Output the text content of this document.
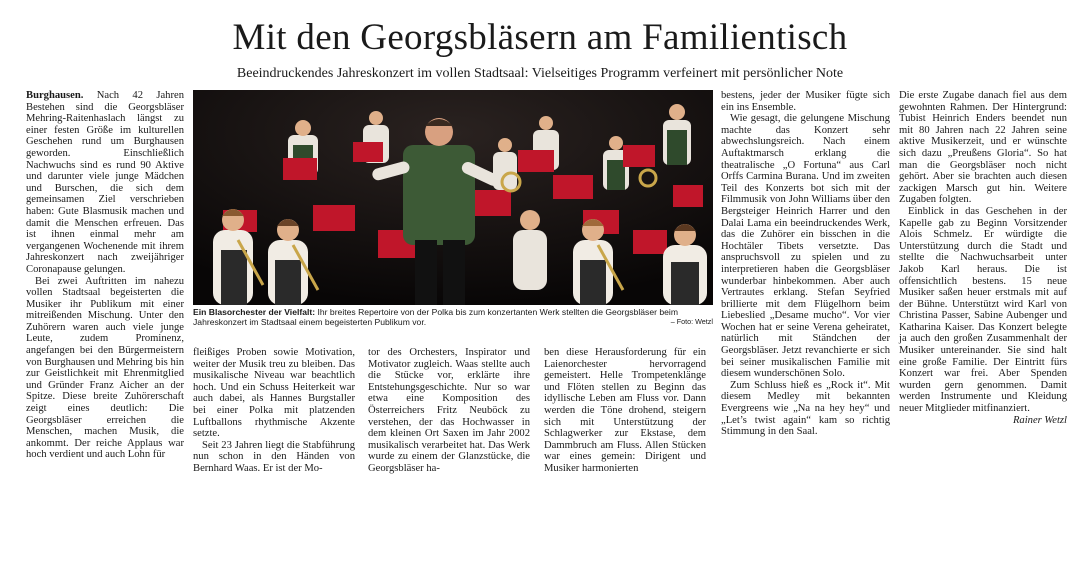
Mit den Georgsbläsern am Familientisch
Beeindruckendes Jahreskonzert im vollen Stadtsaal: Vielseitiges Programm verfeinert mit persönlicher Note

Burghausen. Nach 42 Jahren Bestehen sind die Georgsbläser Mehring-Raitenhaslach längst zu einer festen Größe im kulturellen Geschehen rund um Burghausen geworden. Einschließlich Nachwuchs sind es rund 90 Aktive und darunter viele junge Mädchen und Burschen, die sich dem gemeinsamen Ziel verschrieben haben: Gute Blasmusik machen und damit die Menschen erfreuen. Das ist ihnen einmal mehr am vergangenen Wochenende mit ihrem Jahreskonzert nach zweijähriger Coronapause gelungen.

Bei zwei Auftritten im nahezu vollen Stadtsaal begeisterten die Musiker ihr Publikum mit einer mitreißenden Mischung. Unter den Zuhörern waren auch viele junge Leute, zudem Prominenz, angefangen bei den Bürgermeistern von Burghausen und Mehring bis hin zur Geistlichkeit mit Ehrenmitglied und Gründer Franz Aicher an der Spitze. Diese breite Zuhörerschaft zeigt eines deutlich: Die Georgsbläser erreichen die Menschen, machen Musik, die ankommt. Der reiche Applaus war hoch verdient und auch Lohn für

Ein Blasorchester der Vielfalt: Ihr breites Repertoire von der Polka bis zum konzertanten Werk stellten die Georgsbläser beim Jahreskonzert im Stadtsaal einem begeisterten Publikum vor.	– Foto: Wetzl

fleißiges Proben sowie Motivation, weiter der Musik treu zu bleiben. Das musikalische Niveau war beachtlich hoch. Und ein Schuss Heiterkeit war auch dabei, als Hannes Burgstaller bei einer Polka mit platzenden Luftballons rhythmische Akzente setzte.

Seit 23 Jahren liegt die Stabführung nun schon in den Händen von Bernhard Waas. Er ist der Mo-

tor des Orchesters, Inspirator und Motivator zugleich. Waas stellte auch die Stücke vor, erklärte ihre Entstehungsgeschichte. Nur so war etwa eine Komposition des Österreichers Fritz Neuböck zu verstehen, der das Hochwasser in dem kleinen Ort Saxen im Jahr 2002 musikalisch verarbeitet hat. Das Werk wurde zu einem der Glanzstücke, die Georgsbläser ha-

ben diese Herausforderung für ein Laienorchester hervorragend gemeistert. Helle Trompetenklänge und Flöten stellen zu Beginn das idyllische Leben am Fluss vor. Dann werden die Töne drohend, steigern sich mit Unterstützung der Schlagwerker zur Ekstase, dem Dammbruch am Fluss. Allen Stücken war eines gemein: Dirigent und Musiker harmonierten

bestens, jeder der Musiker fügte sich ein ins Ensemble.

Wie gesagt, die gelungene Mischung machte das Konzert sehr abwechslungsreich. Nach einem Auftaktmarsch erklang die theatralische „O Fortuna“ aus Carl Orffs Carmina Burana. Und im zweiten Teil des Konzerts bot sich mit der Filmmusik von John Williams über den Bergsteiger Heinrich Harrer und den Dalai Lama ein beeindruckendes Werk, das die Zuhörer ein bisschen in die Hochtäler Tibets versetzte. Das anspruchsvoll zu spielen und zu interpretieren haben die Georgsbläser wunderbar hinbekommen. Aber auch Vertrautes erklang. Stefan Seyfried brillierte mit dem Flügelhorn beim Liebeslied „Desame mucho“. Vor vier Wochen hat er seine Verena geheiratet, natürlich mit Ständchen der Georgsbläser. Jetzt revanchierte er sich bei seiner musikalischen Familie mit diesem wunderschönen Solo.

Zum Schluss hieß es „Rock it“. Mit diesem Medley mit bekannten Evergreens wie „Na na hey hey“ und „Let’s twist again“ kam so richtig Stimmung in den Saal.

Die erste Zugabe danach fiel aus dem gewohnten Rahmen. Der Hintergrund: Tubist Heinrich Enders beendet nun mit 80 Jahren nach 22 Jahren seine aktive Musikerzeit, und er wünschte sich dazu „Preußens Gloria“. So hat man die Georgsbläser noch nicht gehört. Aber sie brachten auch diesen zackigen Marsch gut hin. Weitere Zugaben folgten.

Einblick in das Geschehen in der Kapelle gab zu Beginn Vorsitzender Alois Schmelz. Er würdigte die Unterstützung durch die Stadt und stellte die Nachwuchsarbeit unter Jakob Karl heraus. Die ist offensichtlich bestens. 15 neue Musiker saßen heuer erstmals mit auf der Bühne. Unterstützt wird Karl von Christina Passer, Sabine Aubenger und Katharina Kaiser. Das Konzert belegte ja auch den großen Zusammenhalt der Musiker untereinander. Sie sind halt eine große Familie. Der Eintritt fürs Konzert war frei. Aber Spenden wurden gern genommen. Damit werden Instrumente und Kleidung neuer Mitglieder mitfinanziert.
Rainer Wetzl
